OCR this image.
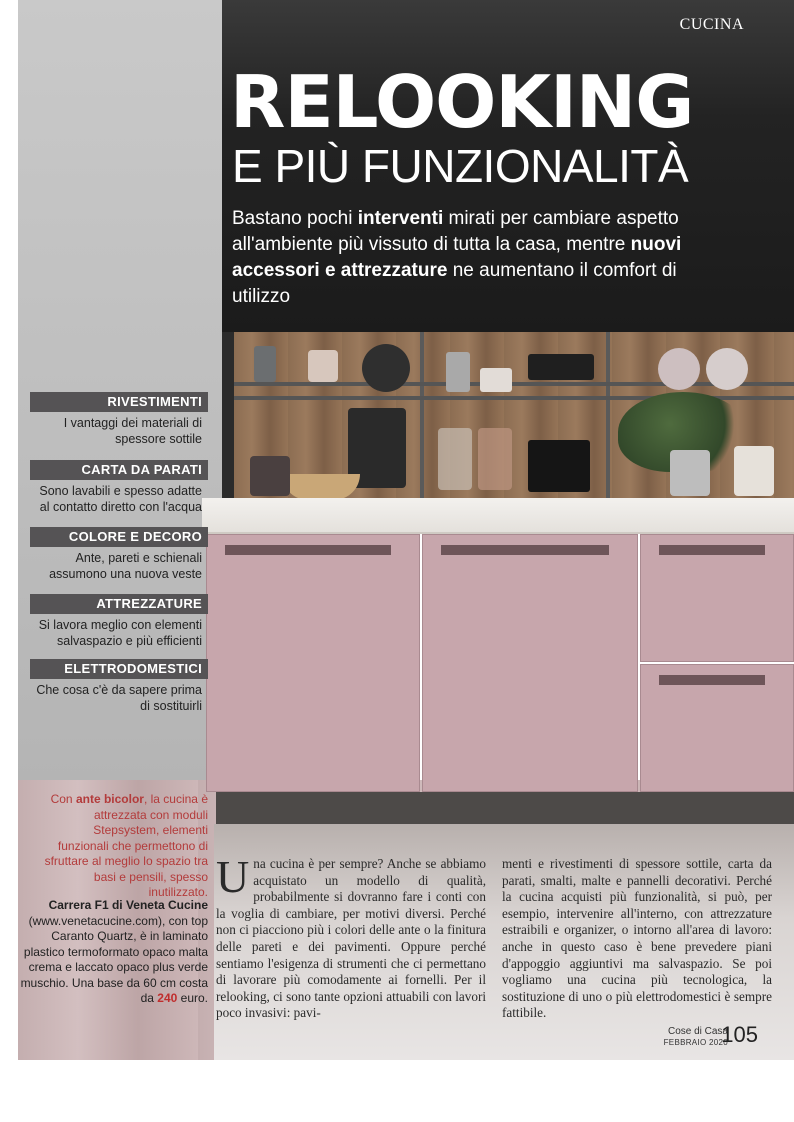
CUCINA
RELOOKING
E PIÙ FUNZIONALITÀ
Bastano pochi interventi mirati per cambiare aspetto all'ambiente più vissuto di tutta la casa, mentre nuovi accessori e attrezzature ne aumentano il comfort di utilizzo
RIVESTIMENTI
I vantaggi dei materiali di spessore sottile
CARTA DA PARATI
Sono lavabili e spesso adatte al contatto diretto con l'acqua
COLORE E DECORO
Ante, pareti e schienali assumono una nuova veste
ATTREZZATURE
Si lavora meglio con elementi salvaspazio e più efficienti
ELETTRODOMESTICI
Che cosa c'è da sapere prima di sostituirli
Con ante bicolor, la cucina è attrezzata con moduli Stepsystem, elementi funzionali che permettono di sfruttare al meglio lo spazio tra basi e pensili, spesso inutilizzato.
Carrera F1 di Veneta Cucine (www.venetacucine.com), con top Caranto Quartz, è in laminato plastico termoformato opaco malta crema e laccato opaco plus verde muschio. Una base da 60 cm costa da 240 euro.
Una cucina è per sempre? Anche se abbiamo acquistato un modello di qualità, probabilmente si dovranno fare i conti con la voglia di cambiare, per motivi diversi. Perché non ci piacciono più i colori delle ante o la finitura delle pareti e dei pavimenti. Oppure perché sentiamo l'esigenza di strumenti che ci permettano di lavorare più comodamente ai fornelli. Per il relooking, ci sono tante opzioni attuabili con lavori poco invasivi: pavi-
menti e rivestimenti di spessore sottile, carta da parati, smalti, malte e pannelli decorativi. Perché la cucina acquisti più funzionalità, si può, per esempio, intervenire all'interno, con attrezzature estraibili e organizer, o intorno all'area di lavoro: anche in questo caso è bene prevedere piani d'appoggio aggiuntivi ma salvaspazio. Se poi vogliamo una cucina più tecnologica, la sostituzione di uno o più elettrodomestici è sempre fattibile.
Cose di Casa
FEBBRAIO 2020
105
